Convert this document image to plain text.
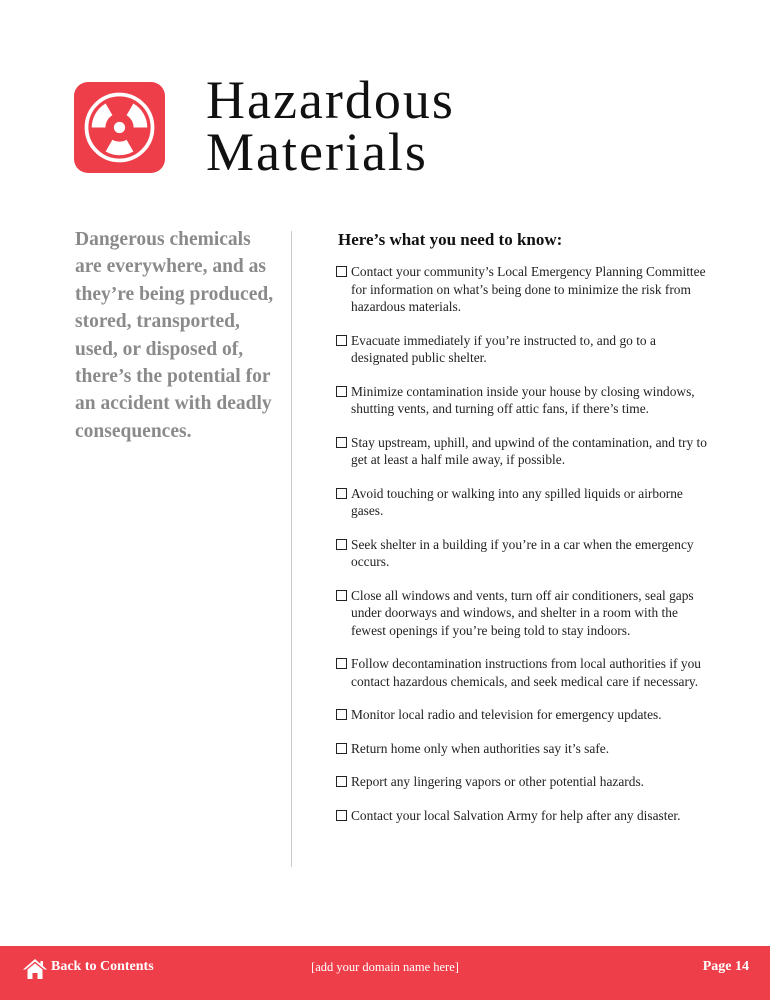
Hazardous
Materials

Dangerous chemicals are everywhere, and as they’re being produced, stored, transported, used, or disposed of, there’s the potential for an accident with deadly consequences.

Here’s what you need to know:
Contact your community’s Local Emergency Planning Committee for information on what’s being done to minimize the risk from hazardous materials.
Evacuate immediately if you’re instructed to, and go to a designated public shelter.
Minimize contamination inside your house by closing windows, shutting vents, and turning off attic fans, if there’s time.
Stay upstream, uphill, and upwind of the contamination, and try to get at least a half mile away, if possible.
Avoid touching or walking into any spilled liquids or airborne gases.
Seek shelter in a building if you’re in a car when the emergency occurs.
Close all windows and vents, turn off air conditioners, seal gaps under doorways and windows, and shelter in a room with the fewest openings if you’re being told to stay indoors.
Follow decontamination instructions from local authorities if you contact hazardous chemicals, and seek medical care if necessary.
Monitor local radio and television for emergency updates.
Return home only when authorities say it’s safe.
Report any lingering vapors or other potential hazards.
Contact your local Salvation Army for help after any disaster.
Back to Contents	[add your domain name here]	Page 14
